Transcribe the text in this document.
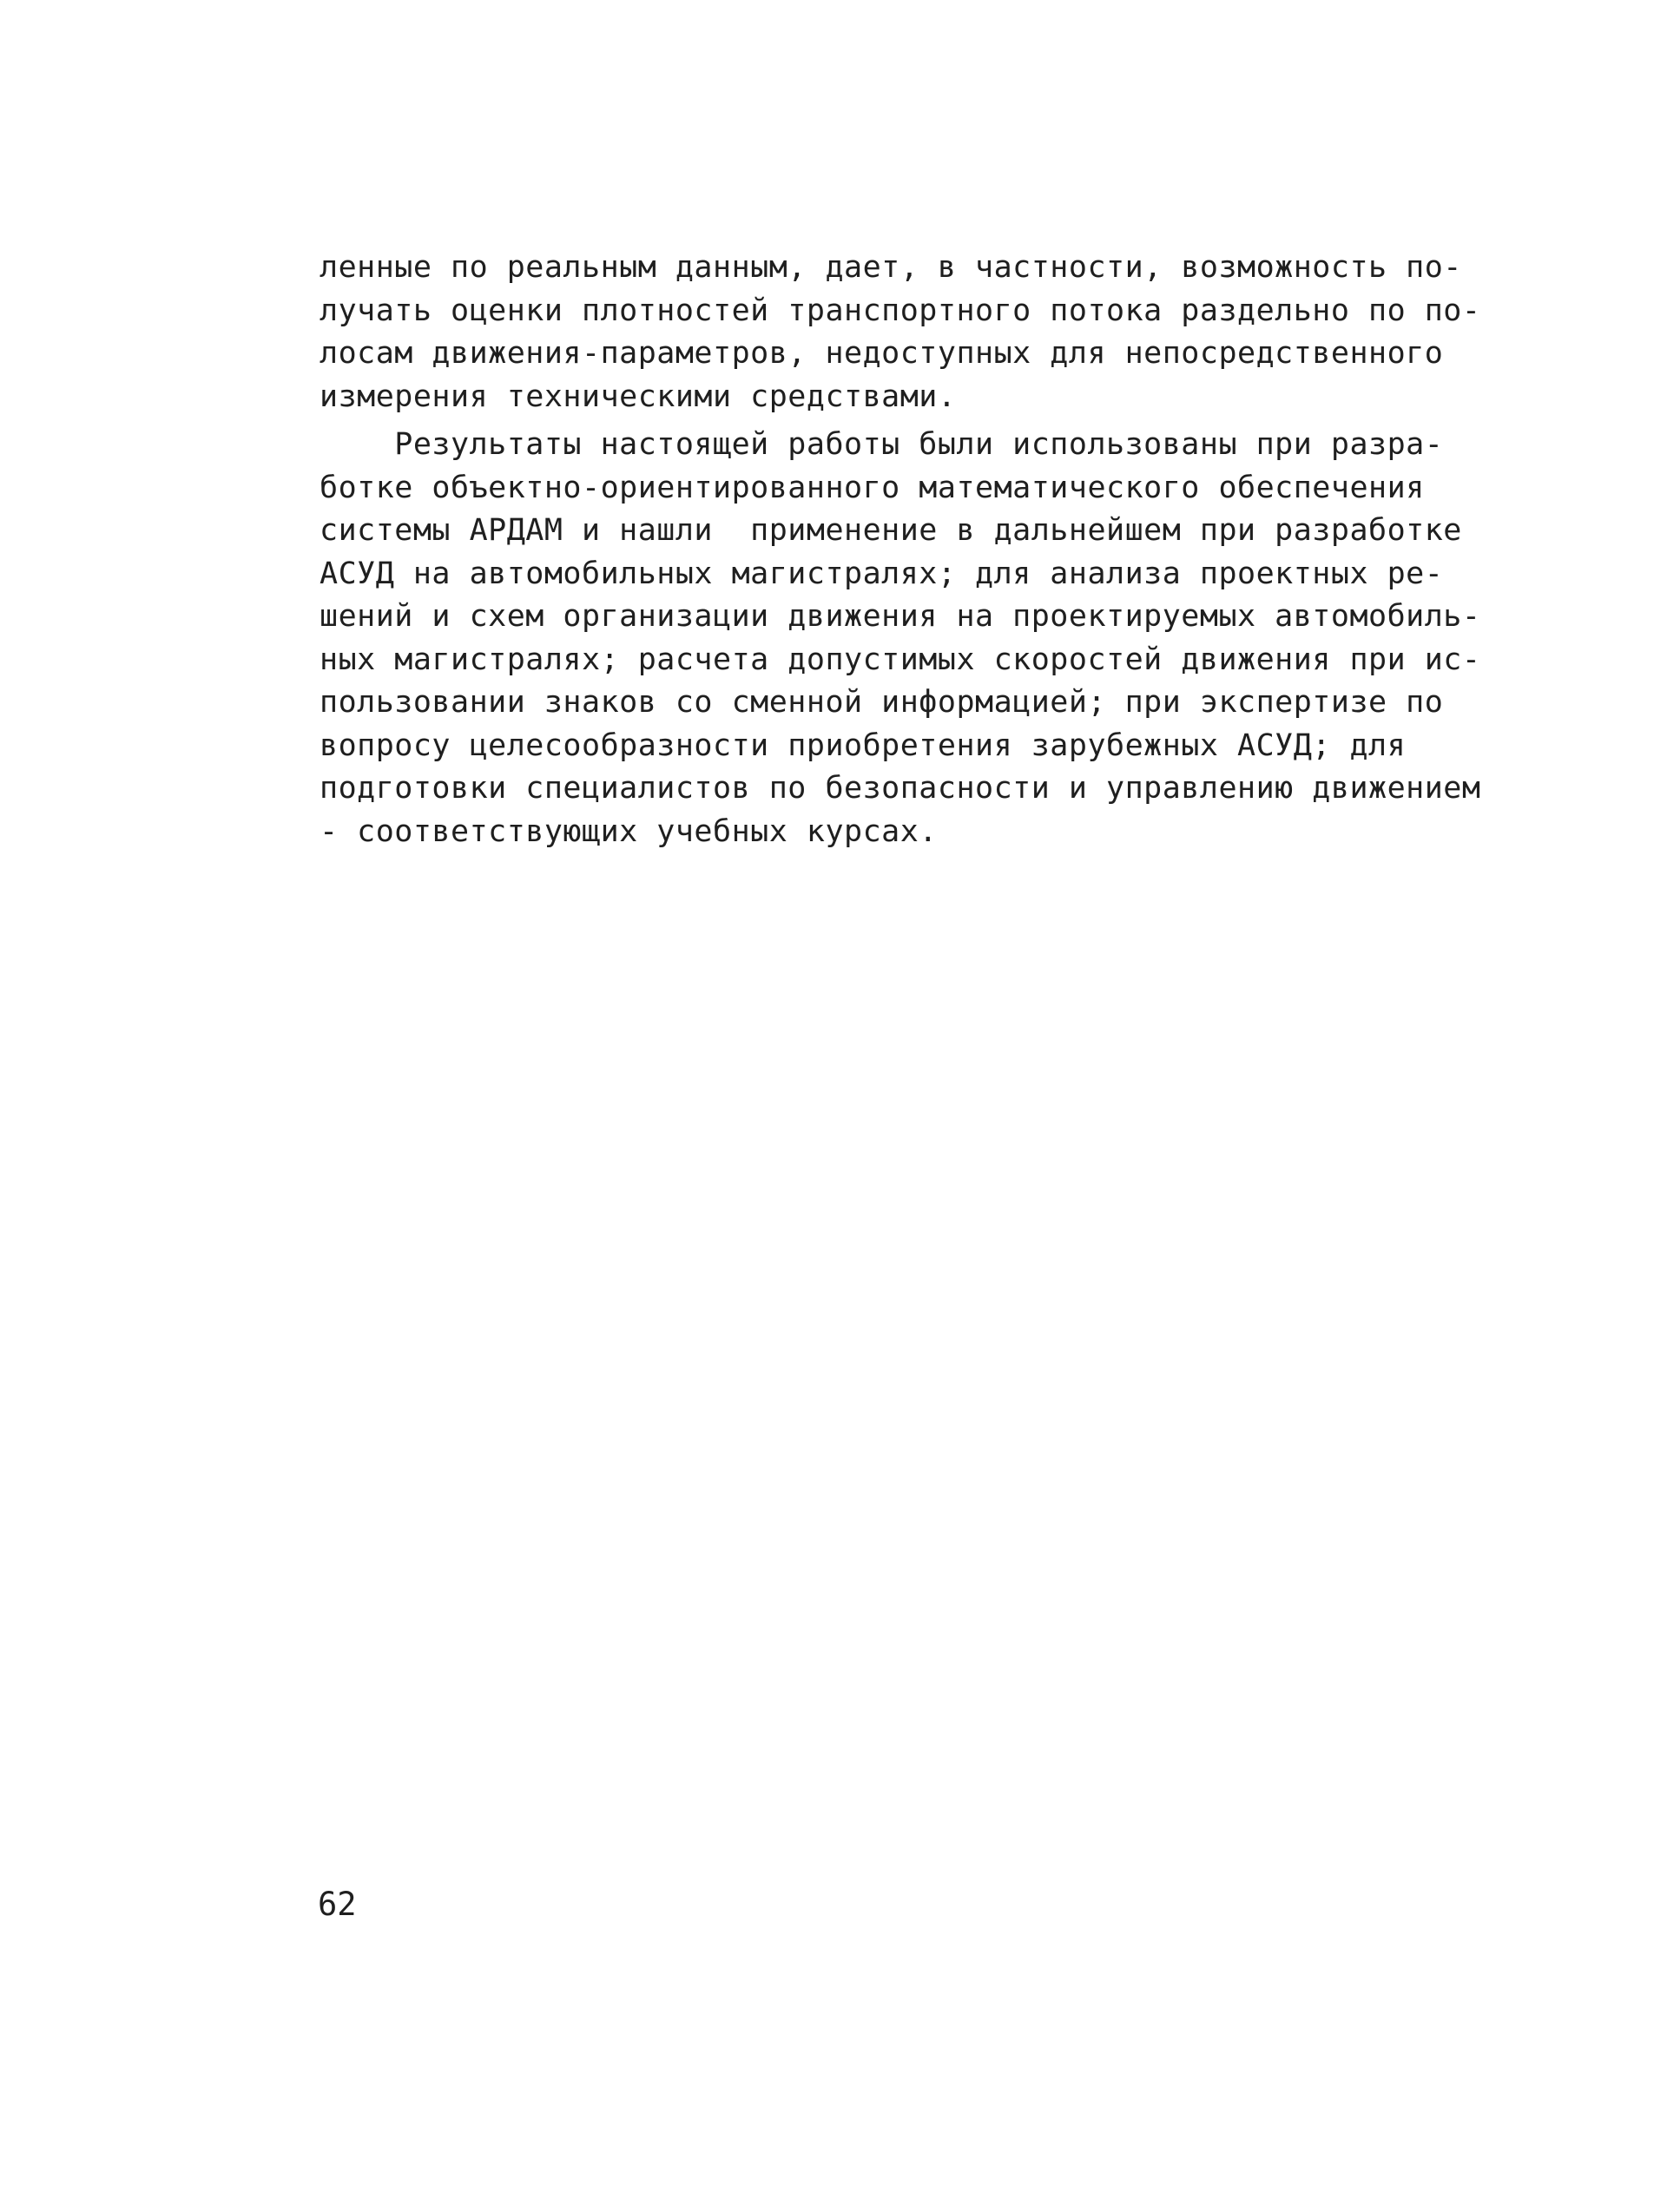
ленные по реальным данным, дает, в частности, возможность по-
лучать оценки плотностей транспортного потока раздельно по по-
лосам движения-параметров, недоступных для непосредственного
измерения техническими средствами.
Результаты настоящей работы были использованы при разра-
ботке объектно-ориентированного математического обеспечения
системы АРДАМ и нашли  применение в дальнейшем при разработке
АСУД на автомобильных магистралях; для анализа проектных ре-
шений и схем организации движения на проектируемых автомобиль-
ных магистралях; расчета допустимых скоростей движения при ис-
пользовании знаков со сменной информацией; при экспертизе по
вопросу целесообразности приобретения зарубежных АСУД; для
подготовки специалистов по безопасности и управлению движением
- соответствующих учебных курсах.
62
